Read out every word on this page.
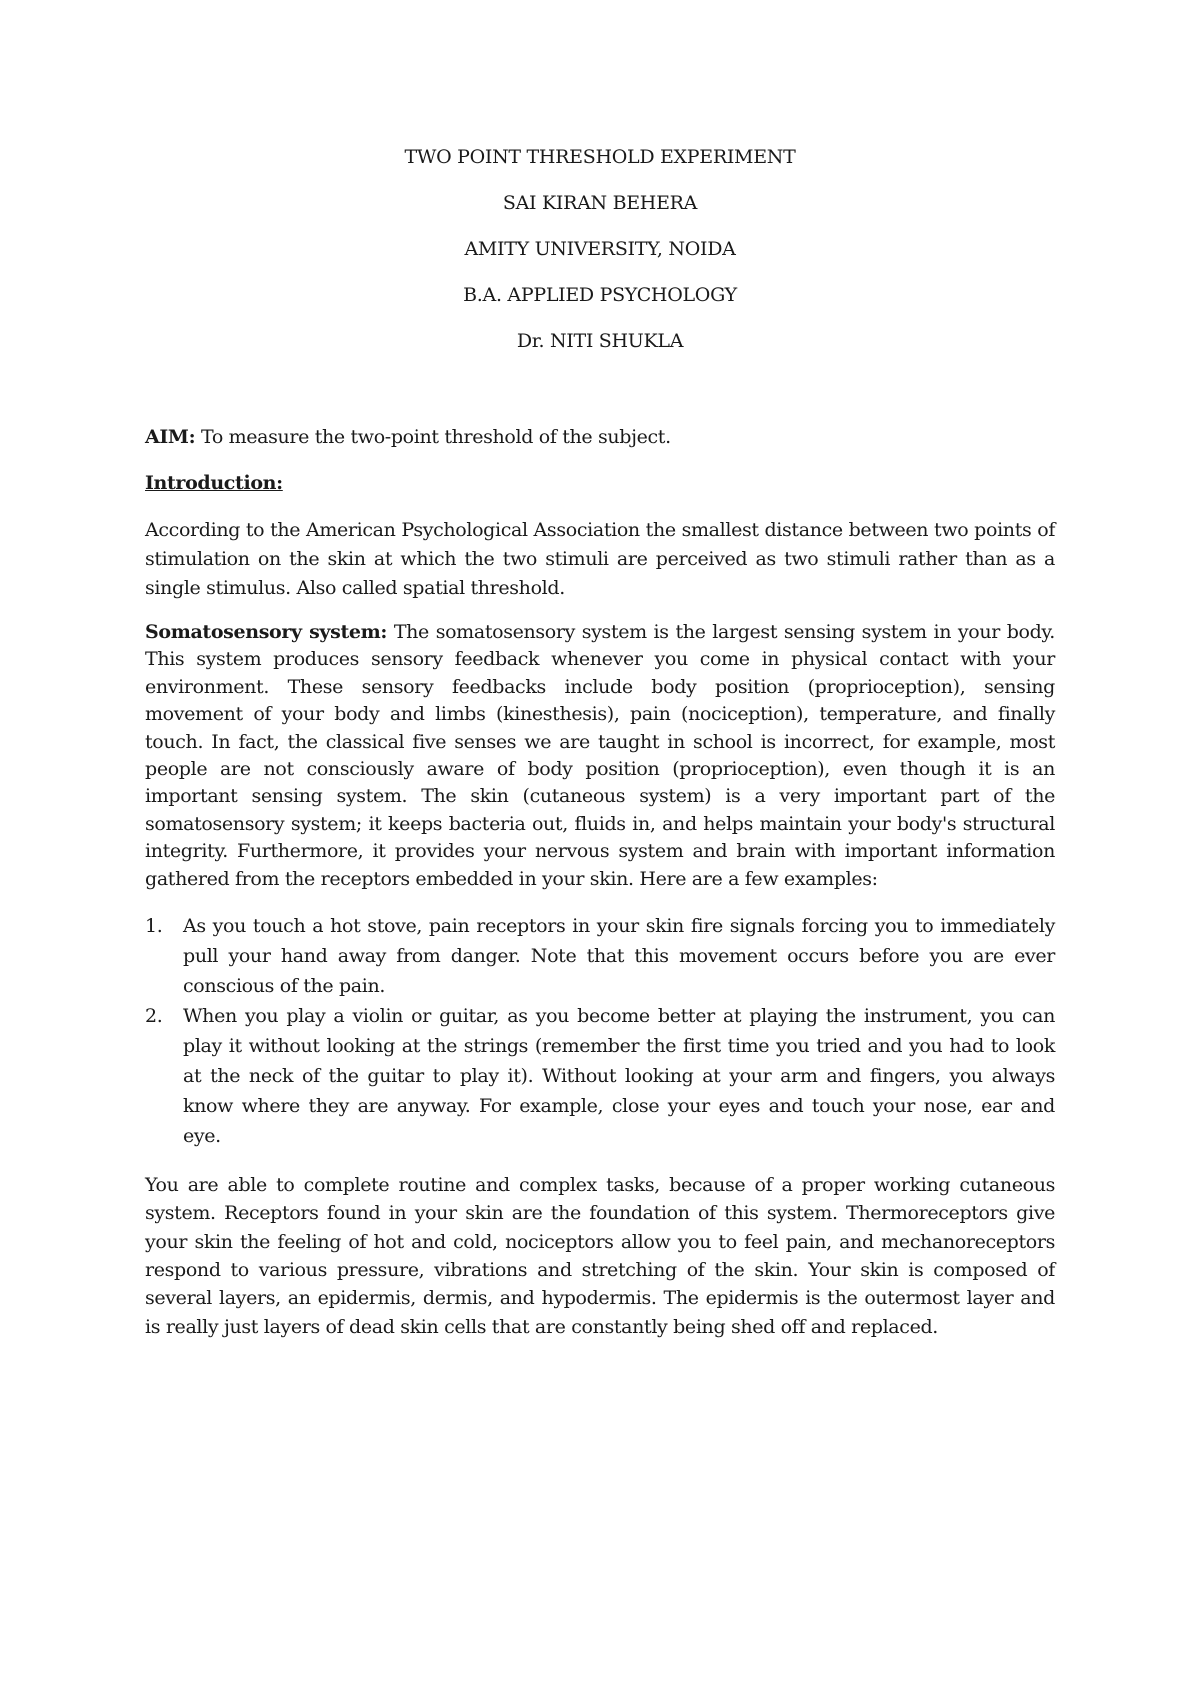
TWO POINT THRESHOLD EXPERIMENT
SAI KIRAN BEHERA
AMITY UNIVERSITY, NOIDA
B.A. APPLIED PSYCHOLOGY
Dr. NITI SHUKLA

AIM: To measure the two-point threshold of the subject.

Introduction:

According to the American Psychological Association the smallest distance between two points of stimulation on the skin at which the two stimuli are perceived as two stimuli rather than as a single stimulus. Also called spatial threshold.

Somatosensory system: The somatosensory system is the largest sensing system in your body. This system produces sensory feedback whenever you come in physical contact with your environment. These sensory feedbacks include body position (proprioception), sensing movement of your body and limbs (kinesthesis), pain (nociception), temperature, and finally touch. In fact, the classical five senses we are taught in school is incorrect, for example, most people are not consciously aware of body position (proprioception), even though it is an important sensing system. The skin (cutaneous system) is a very important part of the somatosensory system; it keeps bacteria out, fluids in, and helps maintain your body's structural integrity. Furthermore, it provides your nervous system and brain with important information gathered from the receptors embedded in your skin. Here are a few examples:

1. As you touch a hot stove, pain receptors in your skin fire signals forcing you to immediately pull your hand away from danger. Note that this movement occurs before you are ever conscious of the pain.
2. When you play a violin or guitar, as you become better at playing the instrument, you can play it without looking at the strings (remember the first time you tried and you had to look at the neck of the guitar to play it). Without looking at your arm and fingers, you always know where they are anyway. For example, close your eyes and touch your nose, ear and eye.

You are able to complete routine and complex tasks, because of a proper working cutaneous system. Receptors found in your skin are the foundation of this system. Thermoreceptors give your skin the feeling of hot and cold, nociceptors allow you to feel pain, and mechanoreceptors respond to various pressure, vibrations and stretching of the skin. Your skin is composed of several layers, an epidermis, dermis, and hypodermis. The epidermis is the outermost layer and is really just layers of dead skin cells that are constantly being shed off and replaced.
